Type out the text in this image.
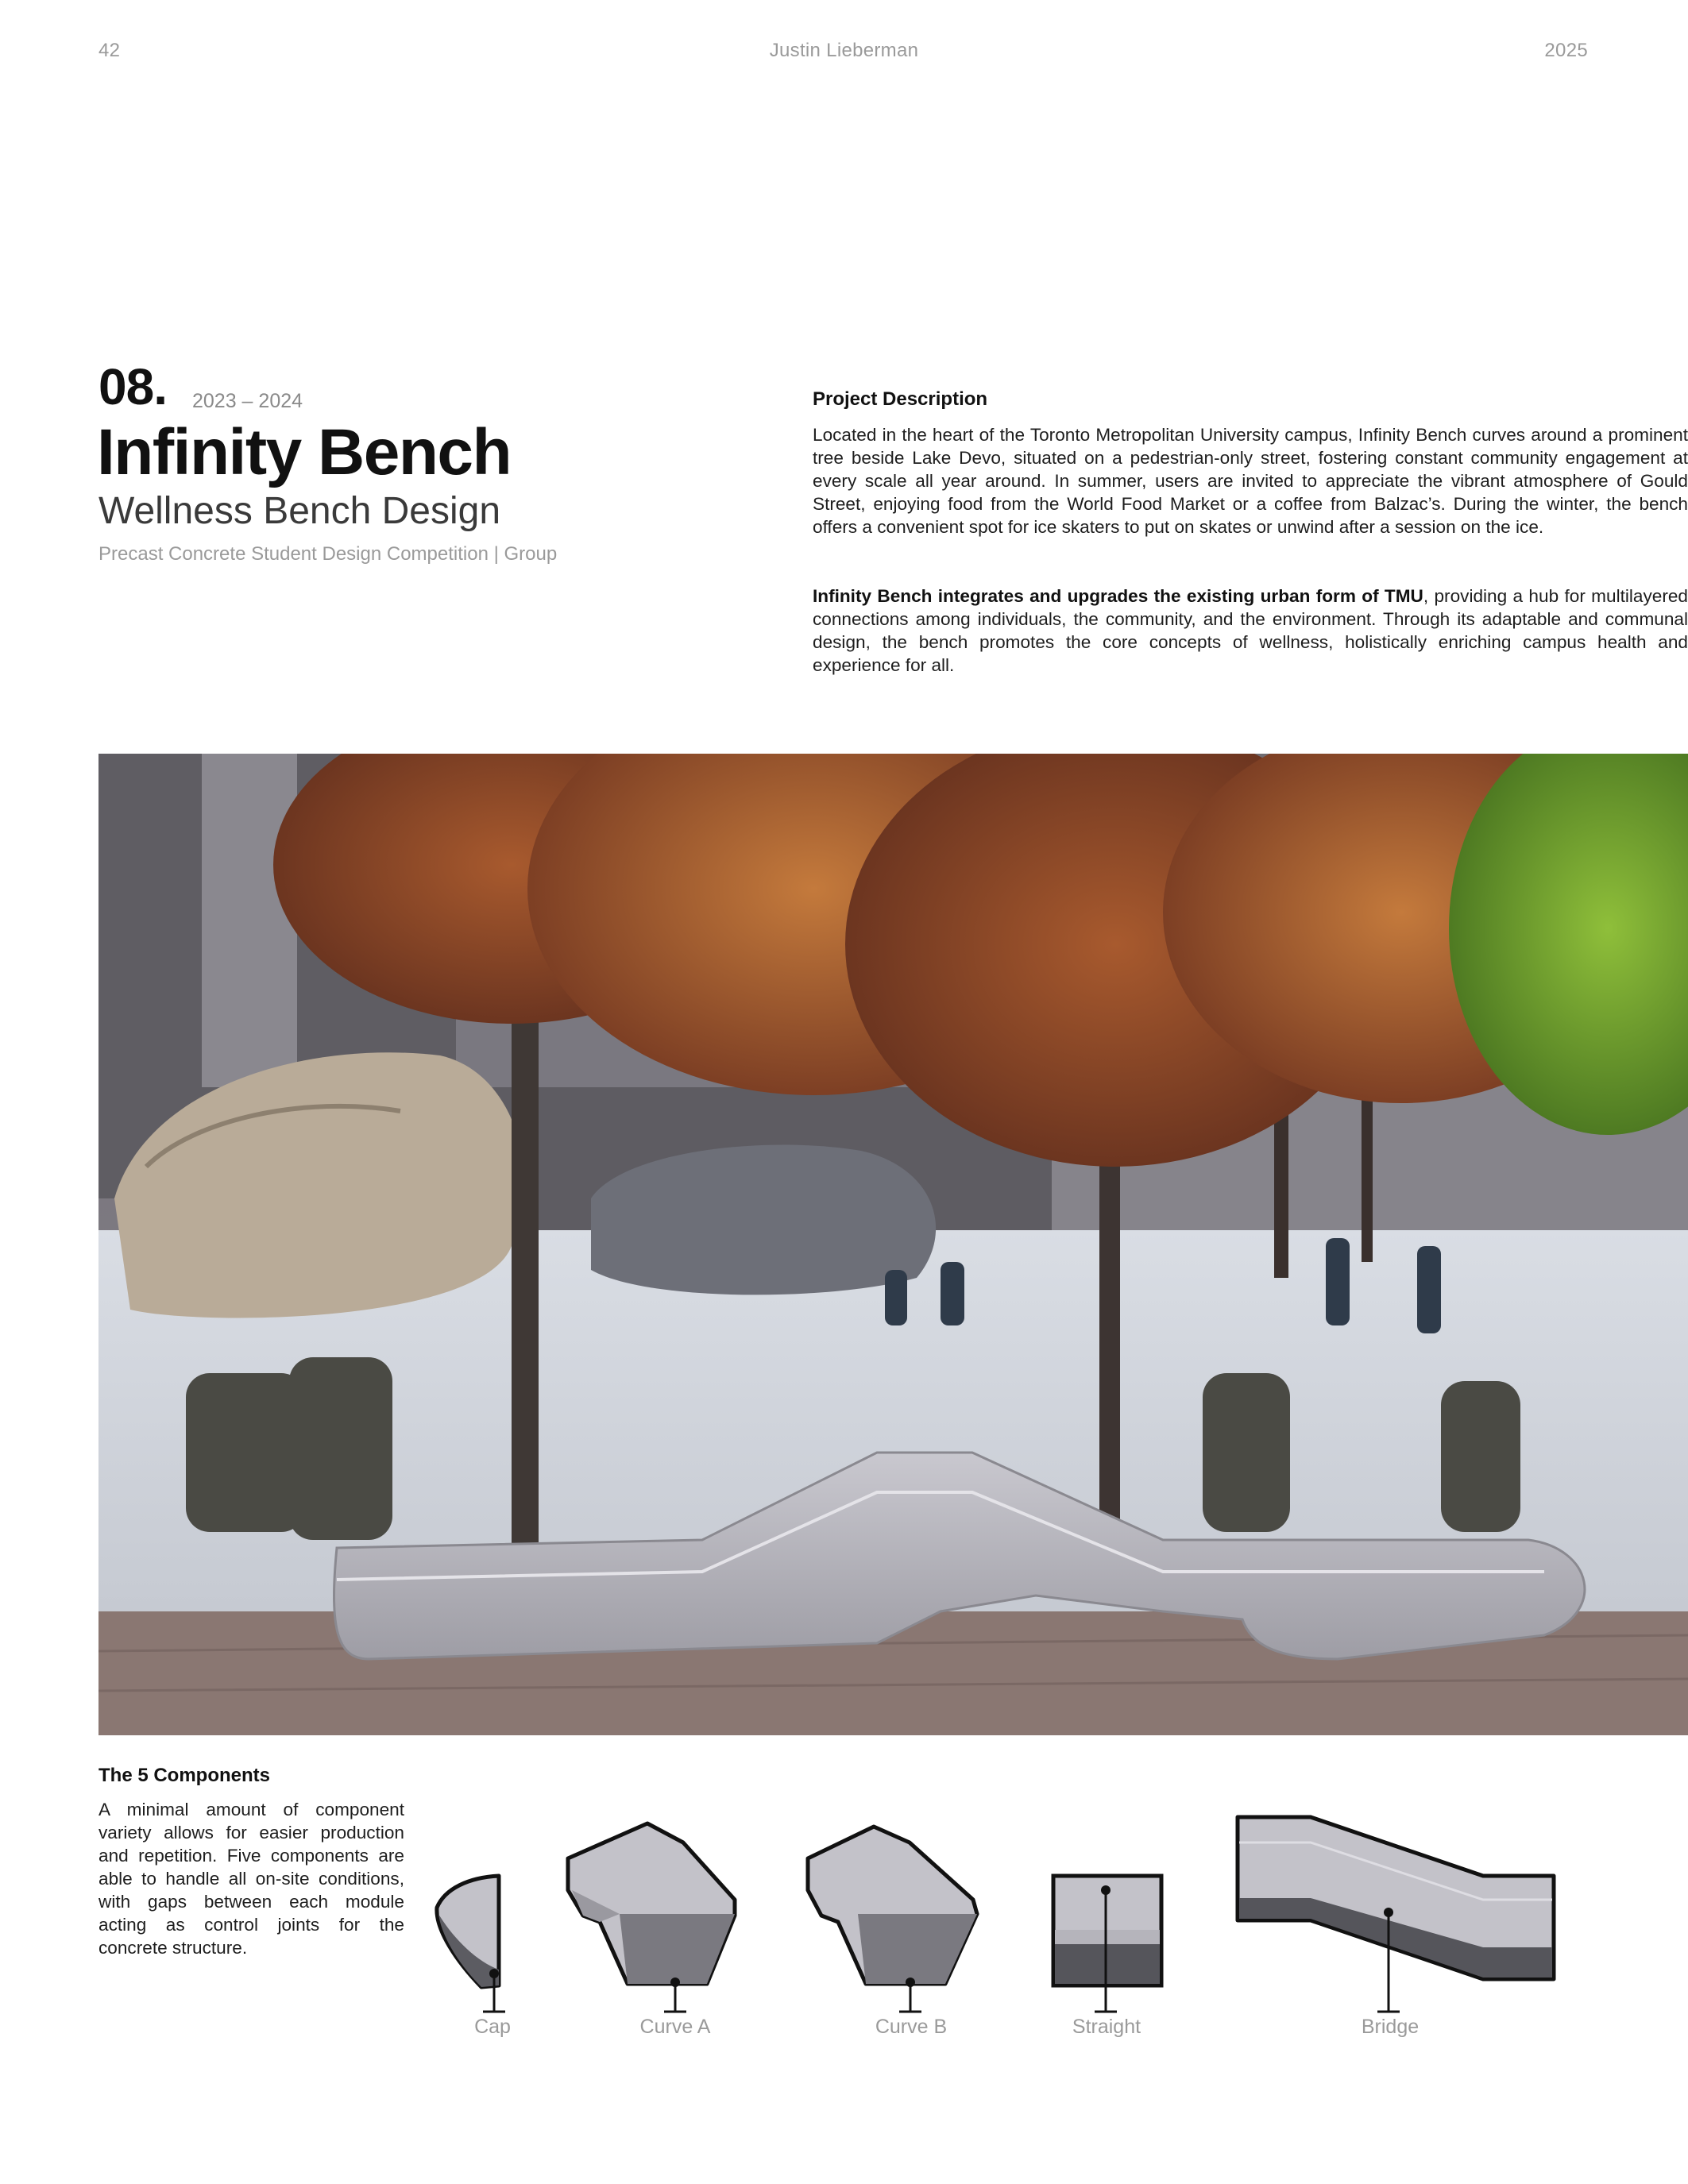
42	Justin Lieberman	2025
08. 2023 – 2024
Infinity Bench
Wellness Bench Design
Precast Concrete Student Design Competition | Group
Project Description
Located in the heart of the Toronto Metropolitan University campus, Infinity Bench curves around a prominent tree beside Lake Devo, situated on a pedestrian-only street, fostering constant community engagement at every scale all year around. In summer, users are invited to appreciate the vibrant atmosphere of Gould Street, enjoying food from the World Food Market or a coffee from Balzac’s. During the winter, the bench offers a convenient spot for ice skaters to put on skates or unwind after a session on the ice.
Infinity Bench integrates and upgrades the existing urban form of TMU, providing a hub for multilayered connections among individuals, the community, and the environment. Through its adaptable and communal design, the bench promotes the core concepts of wellness, holistically enriching campus health and experience for all.
The 5 Components
A minimal amount of component variety allows for easier production and repetition. Five components are able to handle all on-site conditions, with gaps between each module acting as control joints for the concrete structure.
Cap	Curve A	Curve B	Straight	Bridge
